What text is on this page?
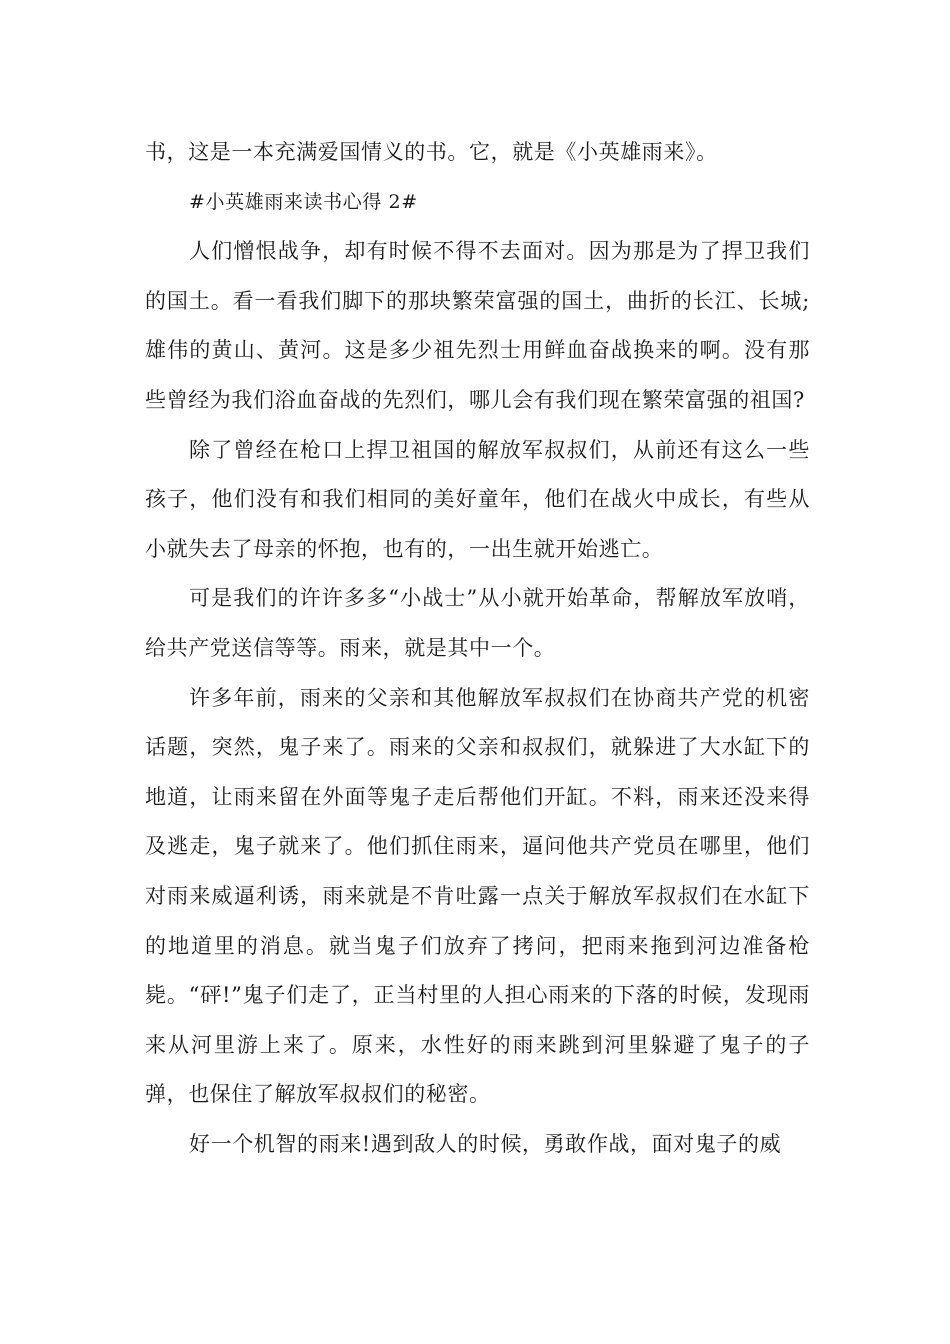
书，这是一本充满爱国情义的书。它，就是《小英雄雨来》。

#小英雄雨来读书心得 2#

人们憎恨战争，却有时候不得不去面对。因为那是为了捍卫我们的国土。看一看我们脚下的那块繁荣富强的国土，曲折的长江、长城;雄伟的黄山、黄河。这是多少祖先烈士用鲜血奋战换来的啊。没有那些曾经为我们浴血奋战的先烈们，哪儿会有我们现在繁荣富强的祖国?

除了曾经在枪口上捍卫祖国的解放军叔叔们，从前还有这么一些孩子，他们没有和我们相同的美好童年，他们在战火中成长，有些从小就失去了母亲的怀抱，也有的，一出生就开始逃亡。

可是我们的许许多多“小战士”从小就开始革命，帮解放军放哨，给共产党送信等等。雨来，就是其中一个。

许多年前，雨来的父亲和其他解放军叔叔们在协商共产党的机密话题，突然，鬼子来了。雨来的父亲和叔叔们，就躲进了大水缸下的地道，让雨来留在外面等鬼子走后帮他们开缸。不料，雨来还没来得及逃走，鬼子就来了。他们抓住雨来，逼问他共产党员在哪里，他们对雨来威逼利诱，雨来就是不肯吐露一点关于解放军叔叔们在水缸下的地道里的消息。就当鬼子们放弃了拷问，把雨来拖到河边准备枪毙。“砰!”鬼子们走了，正当村里的人担心雨来的下落的时候，发现雨来从河里游上来了。原来，水性好的雨来跳到河里躲避了鬼子的子弹，也保住了解放军叔叔们的秘密。

好一个机智的雨来!遇到敌人的时候，勇敢作战，面对鬼子的威
